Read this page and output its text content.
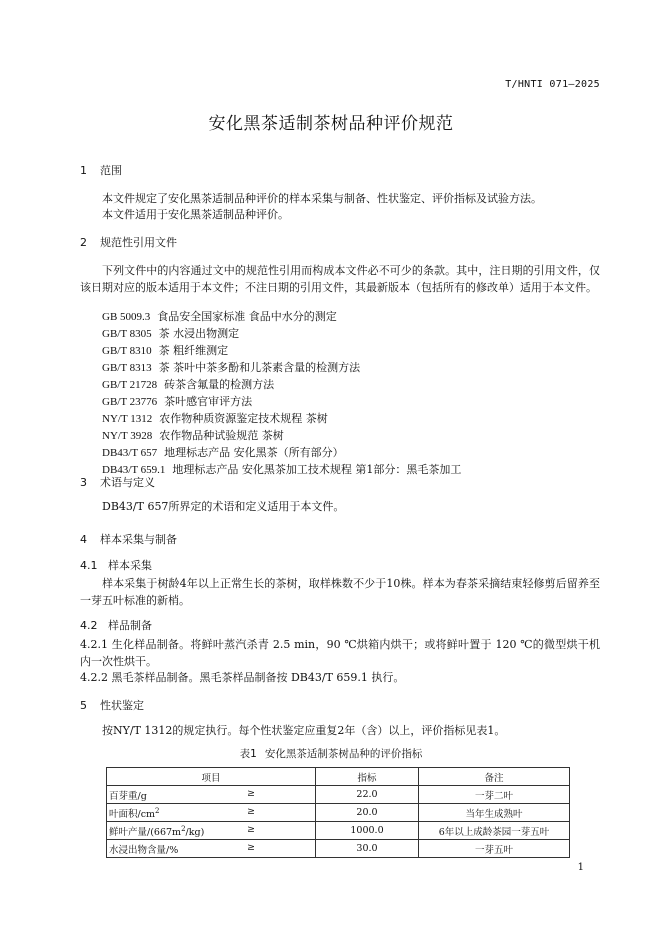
T/HNTI 071—2025
安化黑茶适制茶树品种评价规范
1 范围
本文件规定了安化黑茶适制品种评价的样本采集与制备、性状鉴定、评价指标及试验方法。
本文件适用于安化黑茶适制品种评价。
2 规范性引用文件
下列文件中的内容通过文中的规范性引用而构成本文件必不可少的条款。其中，注日期的引用文件，仅该日期对应的版本适用于本文件；不注日期的引用文件，其最新版本（包括所有的修改单）适用于本文件。
GB 5009.3 食品安全国家标准 食品中水分的测定
GB/T 8305 茶 水浸出物测定
GB/T 8310 茶 粗纤维测定
GB/T 8313 茶 茶叶中茶多酚和儿茶素含量的检测方法
GB/T 21728 砖茶含氟量的检测方法
GB/T 23776 茶叶感官审评方法
NY/T 1312 农作物种质资源鉴定技术规程 茶树
NY/T 3928 农作物品种试验规范 茶树
DB43/T 657 地理标志产品 安化黑茶（所有部分）
DB43/T 659.1 地理标志产品 安化黑茶加工技术规程 第1部分：黑毛茶加工
3 术语与定义
DB43/T 657所界定的术语和定义适用于本文件。
4 样本采集与制备
4.1 样本采集
样本采集于树龄4年以上正常生长的茶树，取样株数不少于10株。样本为春茶采摘结束轻修剪后留养至一芽五叶标准的新梢。
4.2 样品制备
4.2.1 生化样品制备。将鲜叶蒸汽杀青 2.5 min，90 ℃烘箱内烘干；或将鲜叶置于 120 ℃的微型烘干机内一次性烘干。
4.2.2 黑毛茶样品制备。黑毛茶样品制备按 DB43/T 659.1 执行。
5 性状鉴定
按NY/T 1312的规定执行。每个性状鉴定应重复2年（含）以上，评价指标见表1。
表1 安化黑茶适制茶树品种的评价指标
项目	指标	备注

百芽重/g ≥	22.0	一芽二叶

叶面积$/cm^2$ ≥	20.0	当年生成熟叶

鲜叶产量$/(667m^2/kg)$ ≥	1000.0	6年以上成龄茶园一芽五叶

水浸出物含量/% ≥	30.0	一芽五叶
1
